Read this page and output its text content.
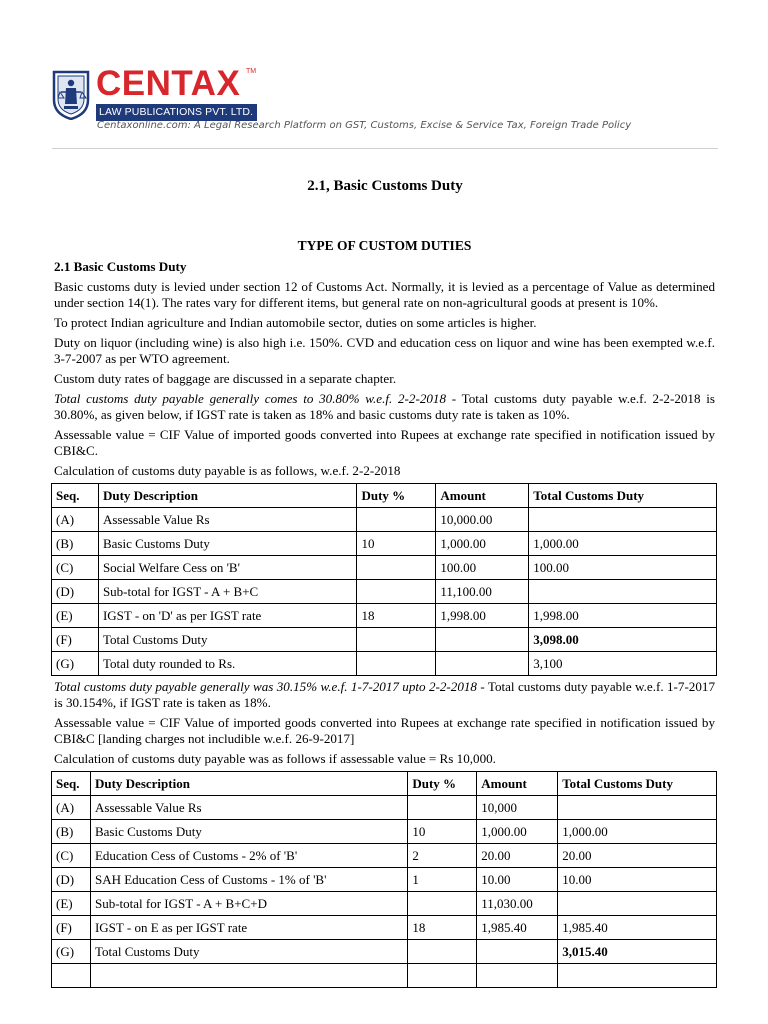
CENTAX TM
LAW PUBLICATIONS PVT. LTD.
Centaxonline.com: A Legal Research Platform on GST, Customs, Excise & Service Tax, Foreign Trade Policy
2.1, Basic Customs Duty
TYPE OF CUSTOM DUTIES
2.1 Basic Customs Duty

Basic customs duty is levied under section 12 of Customs Act. Normally, it is levied as a percentage of Value as determined under section 14(1). The rates vary for different items, but general rate on non-agricultural goods at present is 10%.

To protect Indian agriculture and Indian automobile sector, duties on some articles is higher.

Duty on liquor (including wine) is also high i.e. 150%. CVD and education cess on liquor and wine has been exempted w.e.f. 3-7-2007 as per WTO agreement.

Custom duty rates of baggage are discussed in a separate chapter.

Total customs duty payable generally comes to 30.80% w.e.f. 2-2-2018 - Total customs duty payable w.e.f. 2-2-2018 is 30.80%, as given below, if IGST rate is taken as 18% and basic customs duty rate is taken as 10%.

Assessable value = CIF Value of imported goods converted into Rupees at exchange rate specified in notification issued by CBI&C.

Calculation of customs duty payable is as follows, w.e.f. 2-2-2018

Seq.	Duty Description	Duty %	Amount	Total Customs Duty
(A)	Assessable Value Rs		10,000.00	
(B)	Basic Customs Duty	10	1,000.00	1,000.00
(C)	Social Welfare Cess on 'B'		100.00	100.00
(D)	Sub-total for IGST - A + B+C		11,100.00	
(E)	IGST - on 'D' as per IGST rate	18	1,998.00	1,998.00
(F)	Total Customs Duty			3,098.00
(G)	Total duty rounded to Rs.			3,100

Total customs duty payable generally was 30.15% w.e.f. 1-7-2017 upto 2-2-2018 - Total customs duty payable w.e.f. 1-7-2017 is 30.154%, if IGST rate is taken as 18%.

Assessable value = CIF Value of imported goods converted into Rupees at exchange rate specified in notification issued by CBI&C [landing charges not includible w.e.f. 26-9-2017]

Calculation of customs duty payable was as follows if assessable value = Rs 10,000.

Seq.	Duty Description	Duty %	Amount	Total Customs Duty
(A)	Assessable Value Rs		10,000	
(B)	Basic Customs Duty	10	1,000.00	1,000.00
(C)	Education Cess of Customs - 2% of 'B'	2	20.00	20.00
(D)	SAH Education Cess of Customs - 1% of 'B'	1	10.00	10.00
(E)	Sub-total for IGST - A + B+C+D		11,030.00	
(F)	IGST - on E as per IGST rate	18	1,985.40	1,985.40
(G)	Total Customs Duty			3,015.40
